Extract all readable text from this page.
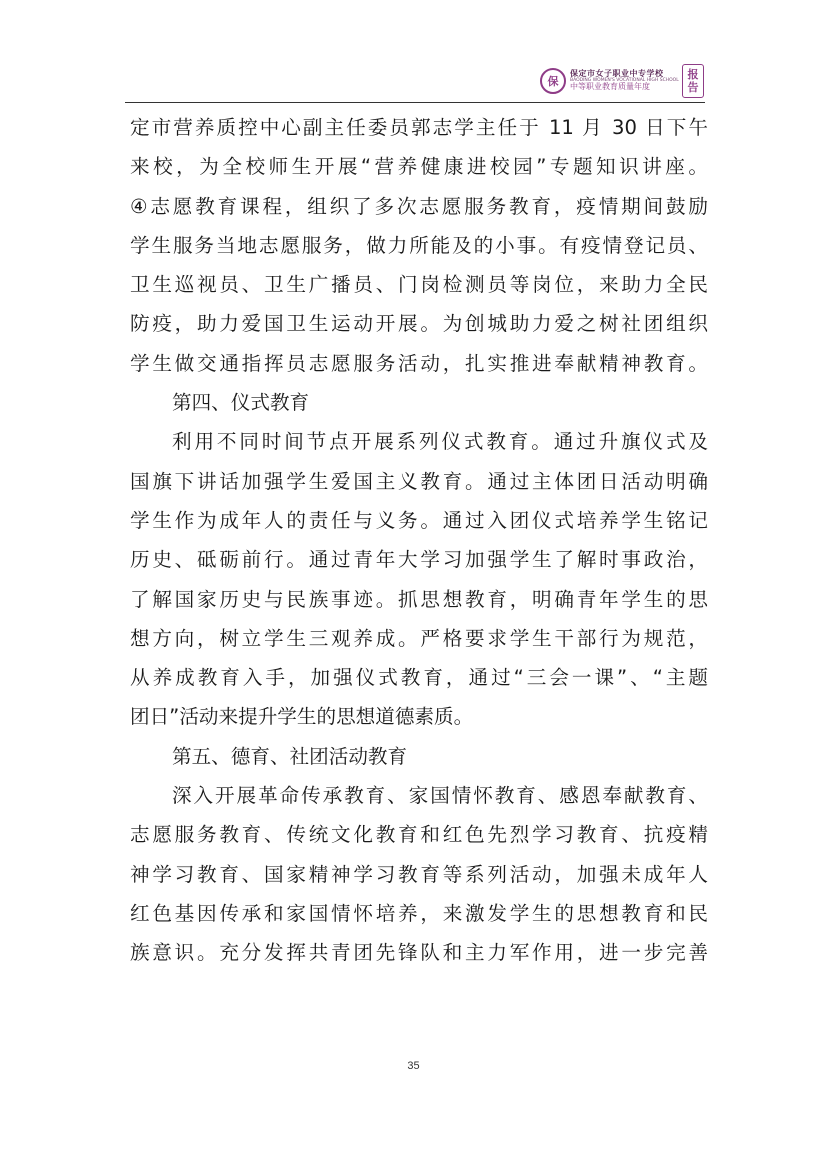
保
保定市女子职业中专学校
BAODING WOMEN'S VOCATIONAL HIGH SCHOOL
中等职业教育质量年度
报
告
定市营养质控中心副主任委员郭志学主任于 11 月 30 日下午
来校，为全校师生开展“营养健康进校园”专题知识讲座。
④志愿教育课程，组织了多次志愿服务教育，疫情期间鼓励
学生服务当地志愿服务，做力所能及的小事。有疫情登记员、
卫生巡视员、卫生广播员、门岗检测员等岗位，来助力全民
防疫，助力爱国卫生运动开展。为创城助力爱之树社团组织
学生做交通指挥员志愿服务活动，扎实推进奉献精神教育。
第四、仪式教育
利用不同时间节点开展系列仪式教育。通过升旗仪式及
国旗下讲话加强学生爱国主义教育。通过主体团日活动明确
学生作为成年人的责任与义务。通过入团仪式培养学生铭记
历史、砥砺前行。通过青年大学习加强学生了解时事政治，
了解国家历史与民族事迹。抓思想教育，明确青年学生的思
想方向，树立学生三观养成。严格要求学生干部行为规范，
从养成教育入手，加强仪式教育，通过“三会一课”、“主题
团日”活动来提升学生的思想道德素质。
第五、德育、社团活动教育
深入开展革命传承教育、家国情怀教育、感恩奉献教育、
志愿服务教育、传统文化教育和红色先烈学习教育、抗疫精
神学习教育、国家精神学习教育等系列活动，加强未成年人
红色基因传承和家国情怀培养，来激发学生的思想教育和民
族意识。充分发挥共青团先锋队和主力军作用，进一步完善
35
